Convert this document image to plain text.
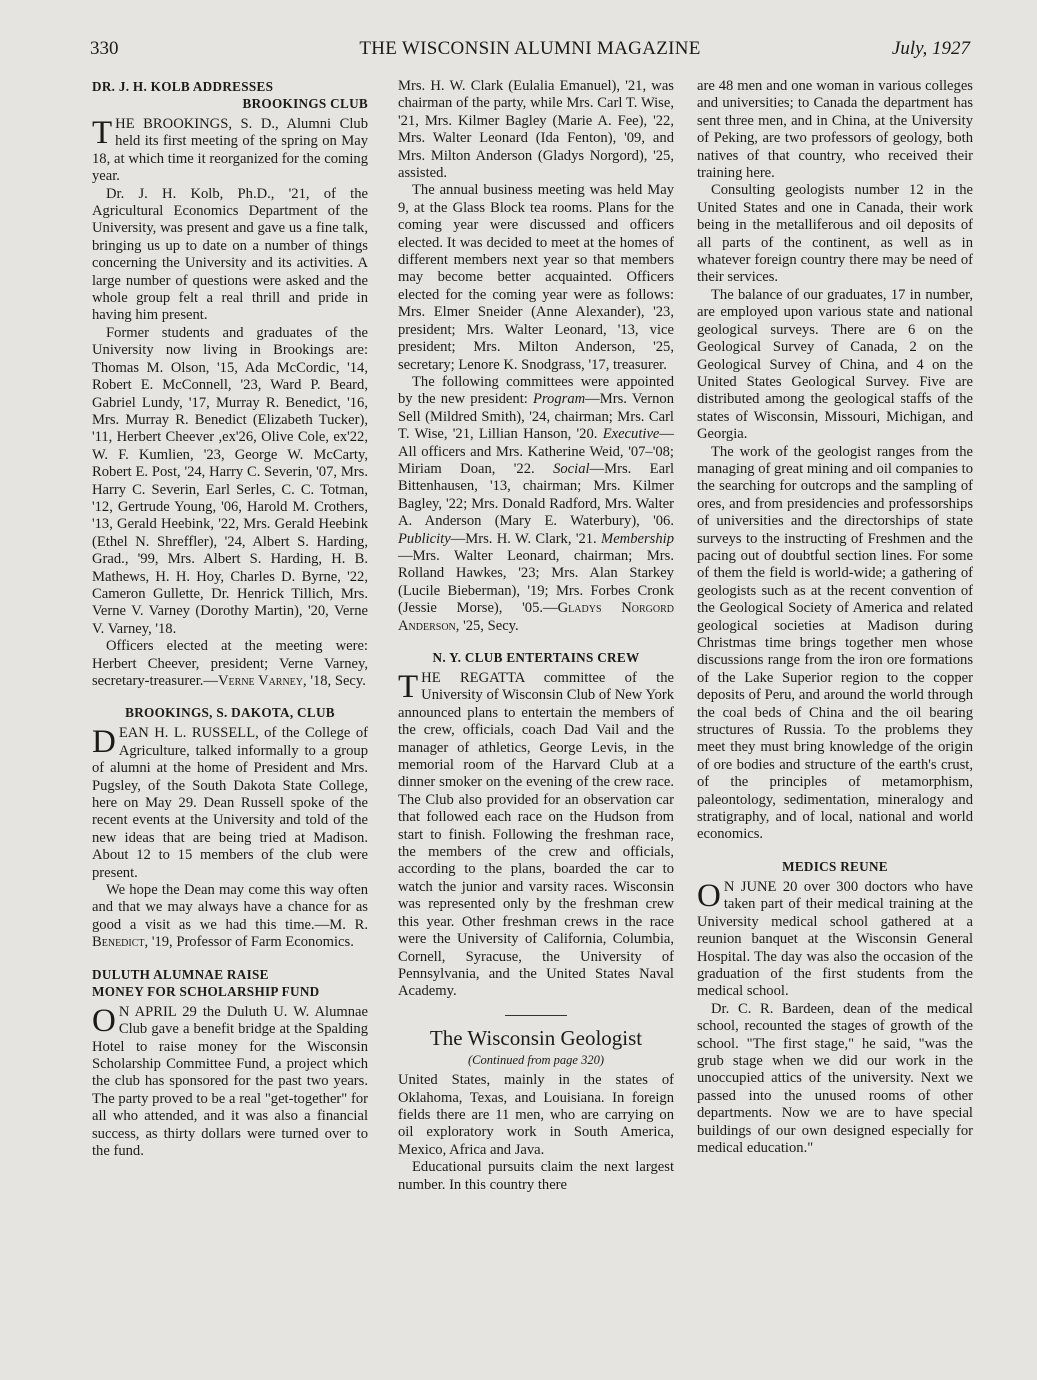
330	THE WISCONSIN ALUMNI MAGAZINE	July, 1927
DR. J. H. KOLB ADDRESSES
BROOKINGS CLUB

THE BROOKINGS, S. D., Alumni Club held its first meeting of the spring on May 18, at which time it reorganized for the coming year.

Dr. J. H. Kolb, Ph.D., '21, of the Agricultural Economics Department of the University, was present and gave us a fine talk, bringing us up to date on a number of things concerning the University and its activities. A large number of questions were asked and the whole group felt a real thrill and pride in having him present.

Former students and graduates of the University now living in Brookings are: Thomas M. Olson, '15, Ada McCordic, '14, Robert E. McConnell, '23, Ward P. Beard, Gabriel Lundy, '17, Murray R. Benedict, '16, Mrs. Murray R. Benedict (Elizabeth Tucker), '11, Herbert Cheever ,ex'26, Olive Cole, ex'22, W. F. Kumlien, '23, George W. McCarty, Robert E. Post, '24, Harry C. Severin, '07, Mrs. Harry C. Severin, Earl Serles, C. C. Totman, '12, Gertrude Young, '06, Harold M. Crothers, '13, Gerald Heebink, '22, Mrs. Gerald Heebink (Ethel N. Shreffler), '24, Albert S. Harding, Grad., '99, Mrs. Albert S. Harding, H. B. Mathews, H. H. Hoy, Charles D. Byrne, '22, Cameron Gullette, Dr. Henrick Tillich, Mrs. Verne V. Varney (Dorothy Martin), '20, Verne V. Varney, '18.

Officers elected at the meeting were: Herbert Cheever, president; Verne Varney, secretary-treasurer.—Verne Varney, '18, Secy.

BROOKINGS, S. DAKOTA, CLUB

DEAN H. L. RUSSELL, of the College of Agriculture, talked informally to a group of alumni at the home of President and Mrs. Pugsley, of the South Dakota State College, here on May 29. Dean Russell spoke of the recent events at the University and told of the new ideas that are being tried at Madison. About 12 to 15 members of the club were present.

We hope the Dean may come this way often and that we may always have a chance for as good a visit as we had this time.—M. R. Benedict, '19, Professor of Farm Economics.

DULUTH ALUMNAE RAISE
MONEY FOR SCHOLARSHIP FUND

O N APRIL 29 the Duluth U. W. Alumnae Club gave a benefit bridge at the Spalding Hotel to raise money for the Wisconsin Scholarship Committee Fund, a project which the club has sponsored for the past two years. The party proved to be a real "get-together" for all who attended, and it was also a financial success, as thirty dollars were turned over to the fund.

Mrs. H. W. Clark (Eulalia Emanuel), '21, was chairman of the party, while Mrs. Carl T. Wise, '21, Mrs. Kilmer Bagley (Marie A. Fee), '22, Mrs. Walter Leonard (Ida Fenton), '09, and Mrs. Milton Anderson (Gladys Norgord), '25, assisted.

The annual business meeting was held May 9, at the Glass Block tea rooms. Plans for the coming year were discussed and officers elected. It was decided to meet at the homes of different members next year so that members may become better acquainted. Officers elected for the coming year were as follows: Mrs. Elmer Sneider (Anne Alexander), '23, president; Mrs. Walter Leonard, '13, vice president; Mrs. Milton Anderson, '25, secretary; Lenore K. Snodgrass, '17, treasurer.

The following committees were appointed by the new president: Program—Mrs. Vernon Sell (Mildred Smith), '24, chairman; Mrs. Carl T. Wise, '21, Lillian Hanson, '20. Executive—All officers and Mrs. Katherine Weid, '07–'08; Miriam Doan, '22. Social—Mrs. Earl Bittenhausen, '13, chairman; Mrs. Kilmer Bagley, '22; Mrs. Donald Radford, Mrs. Walter A. Anderson (Mary E. Waterbury), '06. Publicity—Mrs. H. W. Clark, '21. Membership—Mrs. Walter Leonard, chairman; Mrs. Rolland Hawkes, '23; Mrs. Alan Starkey (Lucile Bieberman), '19; Mrs. Forbes Cronk (Jessie Morse), '05.—Gladys Norgord Anderson, '25, Secy.

N. Y. CLUB ENTERTAINS CREW

THE REGATTA committee of the University of Wisconsin Club of New York announced plans to entertain the members of the crew, officials, coach Dad Vail and the manager of athletics, George Levis, in the memorial room of the Harvard Club at a dinner smoker on the evening of the crew race. The Club also provided for an observation car that followed each race on the Hudson from start to finish. Following the freshman race, the members of the crew and officials, according to the plans, boarded the car to watch the junior and varsity races. Wisconsin was represented only by the freshman crew this year. Other freshman crews in the race were the University of California, Columbia, Cornell, Syracuse, the University of Pennsylvania, and the United States Naval Academy.

The Wisconsin Geologist
(Continued from page 320)

United States, mainly in the states of Oklahoma, Texas, and Louisiana. In foreign fields there are 11 men, who are carrying on oil exploratory work in South America, Mexico, Africa and Java.

Educational pursuits claim the next largest number. In this country there

are 48 men and one woman in various colleges and universities; to Canada the department has sent three men, and in China, at the University of Peking, are two professors of geology, both natives of that country, who received their training here.

Consulting geologists number 12 in the United States and one in Canada, their work being in the metalliferous and oil deposits of all parts of the continent, as well as in whatever foreign country there may be need of their services.

The balance of our graduates, 17 in number, are employed upon various state and national geological surveys. There are 6 on the Geological Survey of Canada, 2 on the Geological Survey of China, and 4 on the United States Geological Survey. Five are distributed among the geological staffs of the states of Wisconsin, Missouri, Michigan, and Georgia.

The work of the geologist ranges from the managing of great mining and oil companies to the searching for outcrops and the sampling of ores, and from presidencies and professorships of universities and the directorships of state surveys to the instructing of Freshmen and the pacing out of doubtful section lines. For some of them the field is world-wide; a gathering of geologists such as at the recent convention of the Geological Society of America and related geological societies at Madison during Christmas time brings together men whose discussions range from the iron ore formations of the Lake Superior region to the copper deposits of Peru, and around the world through the coal beds of China and the oil bearing structures of Russia. To the problems they meet they must bring knowledge of the origin of ore bodies and structure of the earth's crust, of the principles of metamorphism, paleontology, sedimentation, mineralogy and stratigraphy, and of local, national and world economics.

MEDICS REUNE

O N JUNE 20 over 300 doctors who have taken part of their medical training at the University medical school gathered at a reunion banquet at the Wisconsin General Hospital. The day was also the occasion of the graduation of the first students from the medical school.

Dr. C. R. Bardeen, dean of the medical school, recounted the stages of growth of the school. "The first stage," he said, "was the grub stage when we did our work in the unoccupied attics of the university. Next we passed into the unused rooms of other departments. Now we are to have special buildings of our own designed especially for medical education."
